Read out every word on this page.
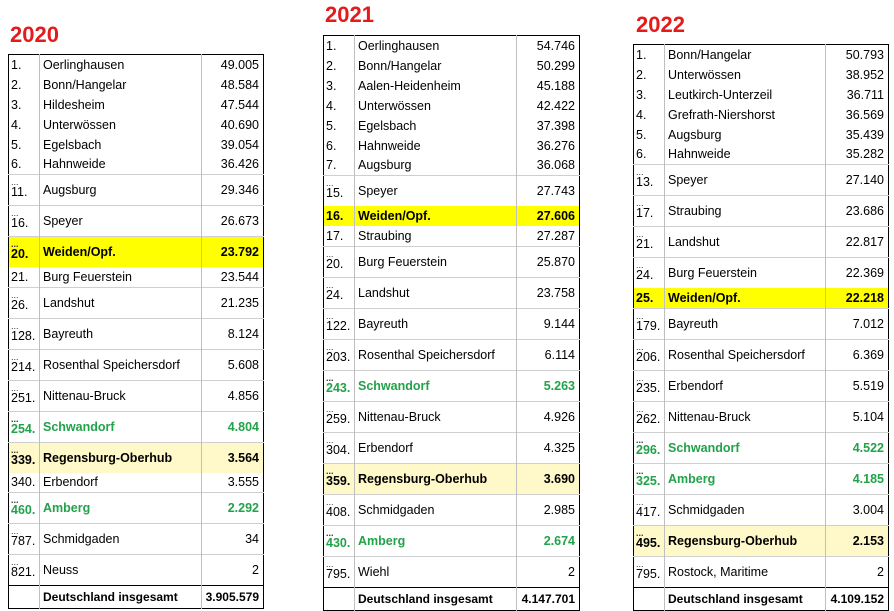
2020
1.	Oerlinghausen	49.005

2.	Bonn/Hangelar	48.584

3.	Hildesheim	47.544

4.	Unterwössen	40.690

5.	Egelsbach	39.054

6.	Hahnweide	36.426

...
11.	Augsburg	29.346

...
16.	Speyer	26.673

...
20.	Weiden/Opf.	23.792

21.	Burg Feuerstein	23.544

...
26.	Landshut	21.235

...
128.	Bayreuth	8.124

...
214.	Rosenthal Speichersdorf	5.608

...
251.	Nittenau-Bruck	4.856

...
254.	Schwandorf	4.804

...
339.	Regensburg-Oberhub	3.564

340.	Erbendorf	3.555

...
460.	Amberg	2.292

...
787.	Schmidgaden	34

...
821.	Neuss	2
	Deutschland insgesamt	3.905.579
2021
1.	Oerlinghausen	54.746

2.	Bonn/Hangelar	50.299

3.	Aalen-Heidenheim	45.188

4.	Unterwössen	42.422

5.	Egelsbach	37.398

6.	Hahnweide	36.276

7.	Augsburg	36.068

...
15.	Speyer	27.743

16.	Weiden/Opf.	27.606

17.	Straubing	27.287

...
20.	Burg Feuerstein	25.870

...
24.	Landshut	23.758

...
122.	Bayreuth	9.144

...
203.	Rosenthal Speichersdorf	6.114

...
243.	Schwandorf	5.263

...
259.	Nittenau-Bruck	4.926

...
304.	Erbendorf	4.325

...
359.	Regensburg-Oberhub	3.690

...
408.	Schmidgaden	2.985

...
430.	Amberg	2.674

...
795.	Wiehl	2
	Deutschland insgesamt	4.147.701
2022
1.	Bonn/Hangelar	50.793

2.	Unterwössen	38.952

3.	Leutkirch-Unterzeil	36.711

4.	Grefrath-Niershorst	36.569

5.	Augsburg	35.439

6.	Hahnweide	35.282

...
13.	Speyer	27.140

...
17.	Straubing	23.686

...
21.	Landshut	22.817

...
24.	Burg Feuerstein	22.369

25.	Weiden/Opf.	22.218

...
179.	Bayreuth	7.012

...
206.	Rosenthal Speichersdorf	6.369

...
235.	Erbendorf	5.519

...
262.	Nittenau-Bruck	5.104

...
296.	Schwandorf	4.522

...
325.	Amberg	4.185

...
417.	Schmidgaden	3.004

...
495.	Regensburg-Oberhub	2.153

...
795.	Rostock, Maritime	2
	Deutschland insgesamt	4.109.152
